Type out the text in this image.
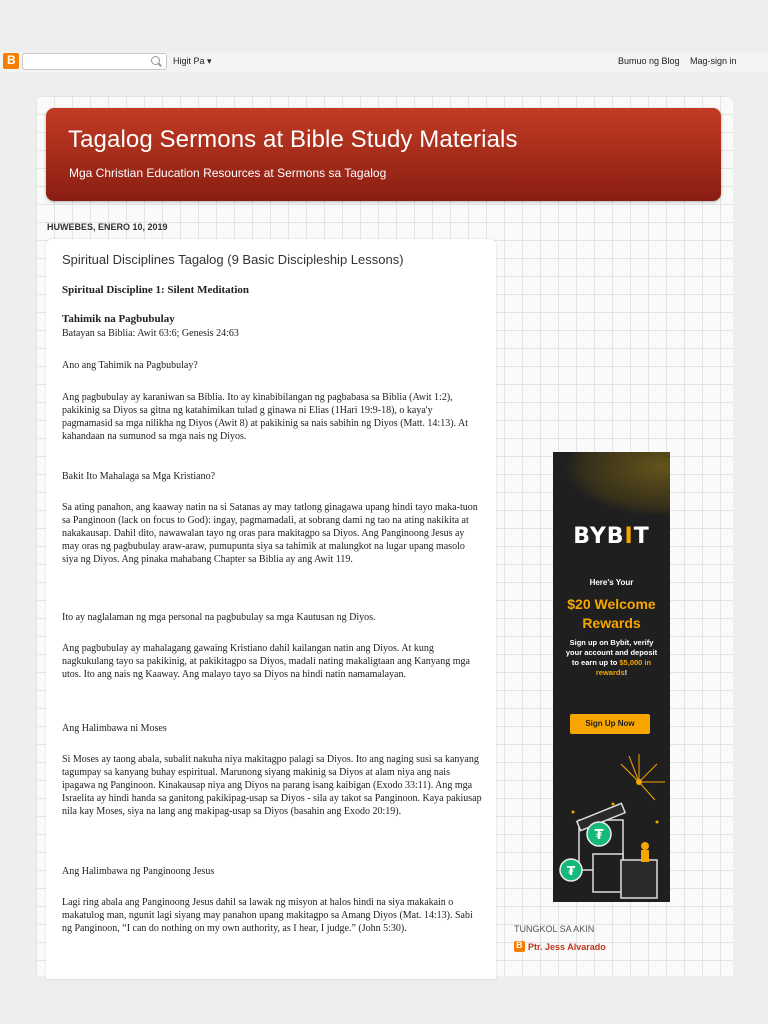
B	Higit Pa ▾	Bumuo ng Blog Mag-sign in
Tagalog Sermons at Bible Study Materials
Mga Christian Education Resources at Sermons sa Tagalog
HUWEBES, ENERO 10, 2019
Spiritual Disciplines Tagalog (9 Basic Discipleship Lessons)

Spiritual Discipline 1: Silent Meditation

Tahimik na Pagbubulay

Batayan sa Biblia: Awit 63:6; Genesis 24:63

Ano ang Tahimik na Pagbubulay?

Ang pagbubulay ay karaniwan sa Biblia. Ito ay kinabibilangan ng pagbabasa sa Biblia (Awit 1:2), pakikinig sa Diyos sa gitna ng katahimikan tulad g ginawa ni Elias (1Hari 19:9-18), o kaya'y pagmamasid sa mga nilikha ng Diyos (Awit 8) at pakikinig sa nais sabihin ng Diyos (Matt. 14:13). At kahandaan na sumunod sa mga nais ng Diyos.

Bakit Ito Mahalaga sa Mga Kristiano?

Sa ating panahon, ang kaaway natin na si Satanas ay may tatlong ginagawa upang hindi tayo maka-tuon sa Panginoon (lack on focus to God): ingay, pagmamadali, at sobrang dami ng tao na ating nakikita at nakakausap. Dahil dito, nawawalan tayo ng oras para makitagpo sa Diyos. Ang Panginoong Jesus ay may oras ng pagbubulay araw-araw, pumupunta siya sa tahimik at malungkot na lugar upang masolo siya ng Diyos. Ang pinaka mahabang Chapter sa Biblia ay ang Awit 119.

Ito ay naglalaman ng mga personal na pagbubulay sa mga Kautusan ng Diyos.

Ang pagbubulay ay mahalagang gawaing Kristiano dahil kailangan natin ang Diyos. At kung nagkukulang tayo sa pakikinig, at pakikitagpo sa Diyos, madali nating makaligtaan ang Kanyang mga utos. Ito ang nais ng Kaaway. Ang malayo tayo sa Diyos na hindi natin namamalayan.

Ang Halimbawa ni Moses

Si Moses ay taong abala, subalit nakuha niya makitagpo palagi sa Diyos. Ito ang naging susi sa kanyang tagumpay sa kanyang buhay espiritual. Marunong siyang makinig sa Diyos at alam niya ang nais ipagawa ng Panginoon. Kinakausap niya ang Diyos na parang isang kaibigan (Exodo 33:11). Ang mga Israelita ay hindi handa sa ganitong pakikipag-usap sa Diyos - sila ay takot sa Panginoon. Kaya pakiusap nila kay Moses, siya na lang ang makipag-usap sa Diyos (basahin ang Exodo 20:19).

Ang Halimbawa ng Panginoong Jesus

Lagi ring abala ang Panginoong Jesus dahil sa lawak ng misyon at halos hindi na siya makakain o makatulog man, ngunit lagi siyang may panahon upang makitagpo sa Amang Diyos (Mat. 14:13). Sabi ng Panginoon, “I can do nothing on my own authority, as I hear, I judge.” (John 5:30).

BYBIT
Here's Your
$20 Welcome
Rewards
Sign up on Bybit, verify your account and deposit to earn up to $5,000 in rewards!
Sign Up Now
₮
₮
TUNGKOL SA AKIN
B Ptr. Jess Alvarado
